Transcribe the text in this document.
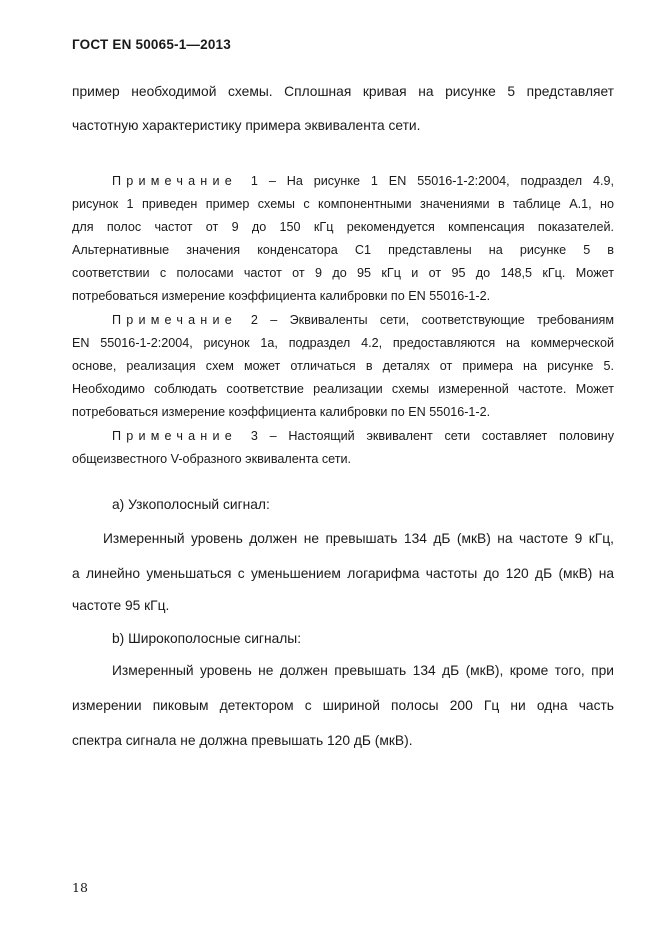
ГОСТ EN 50065-1—2013
пример необходимой схемы. Сплошная кривая на рисунке 5 представляет
частотную характеристику примера эквивалента сети.
Примечание 1 – На рисунке 1 EN 55016-1-2:2004, подраздел 4.9,
рисунок 1 приведен пример схемы с компонентными значениями в таблице А.1, но
для полос частот от 9 до 150 кГц рекомендуется компенсация показателей.
Альтернативные значения конденсатора С1 представлены на рисунке 5 в
соответствии с полосами частот от 9 до 95 кГц и от 95 до 148,5 кГц. Может
потребоваться измерение коэффициента калибровки по EN 55016-1-2.
Примечание 2 – Эквиваленты сети, соответствующие требованиям
EN 55016-1-2:2004, рисунок 1а, подраздел 4.2, предоставляются на коммерческой
основе, реализация схем может отличаться в деталях от примера на рисунке 5.
Необходимо соблюдать соответствие реализации схемы измеренной частоте. Может
потребоваться измерение коэффициента калибровки по EN 55016-1-2.
Примечание 3 – Настоящий эквивалент сети составляет половину
общеизвестного V-образного эквивалента сети.
а) Узкополосный сигнал:
Измеренный уровень должен не превышать 134 дБ (мкВ) на частоте 9 кГц,
а линейно уменьшаться с уменьшением логарифма частоты до 120 дБ (мкВ) на
частоте 95 кГц.
b) Широкополосные сигналы:
Измеренный уровень не должен превышать 134 дБ (мкВ), кроме того, при
измерении пиковым детектором с шириной полосы 200 Гц ни одна часть
спектра сигнала не должна превышать 120 дБ (мкВ).
18
